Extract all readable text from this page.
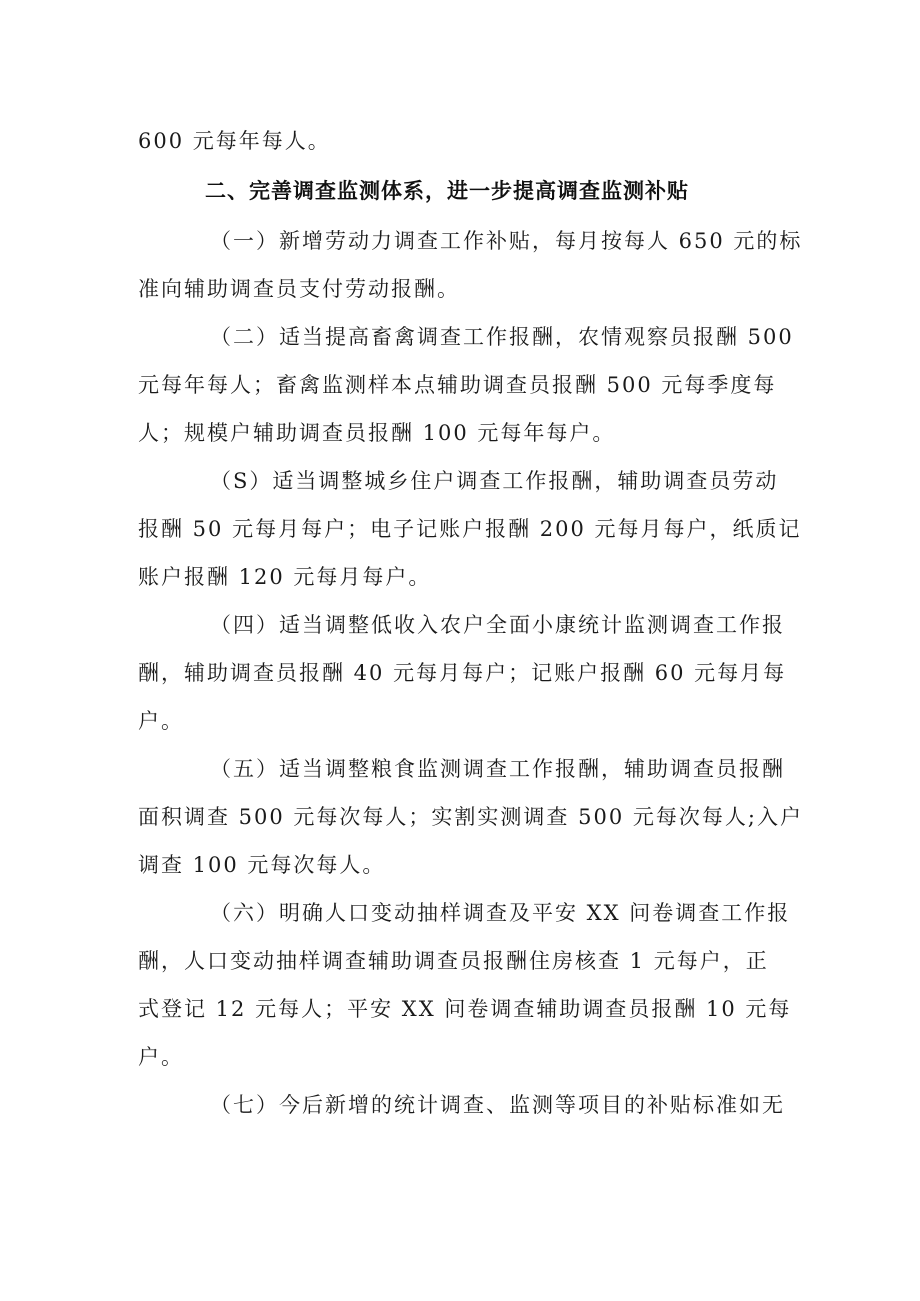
600 元每年每人。
二、完善调查监测体系，进一步提高调查监测补贴
（一）新增劳动力调查工作补贴，每月按每人 650 元的标
准向辅助调查员支付劳动报酬。
（二）适当提高畜禽调查工作报酬，农情观察员报酬 500
元每年每人；畜禽监测样本点辅助调查员报酬 500 元每季度每
人；规模户辅助调查员报酬 100 元每年每户。
（S）适当调整城乡住户调查工作报酬，辅助调查员劳动
报酬 50 元每月每户；电子记账户报酬 200 元每月每户，纸质记
账户报酬 120 元每月每户。
（四）适当调整低收入农户全面小康统计监测调查工作报
酬，辅助调查员报酬 40 元每月每户；记账户报酬 60 元每月每
户。
（五）适当调整粮食监测调查工作报酬，辅助调查员报酬
面积调查 500 元每次每人；实割实测调查 500 元每次每人;入户
调查 100 元每次每人。
（六）明确人口变动抽样调查及平安 XX 问卷调查工作报
酬，人口变动抽样调查辅助调查员报酬住房核查 1 元每户，正
式登记 12 元每人；平安 XX 问卷调查辅助调查员报酬 10 元每
户。
（七）今后新增的统计调查、监测等项目的补贴标准如无
